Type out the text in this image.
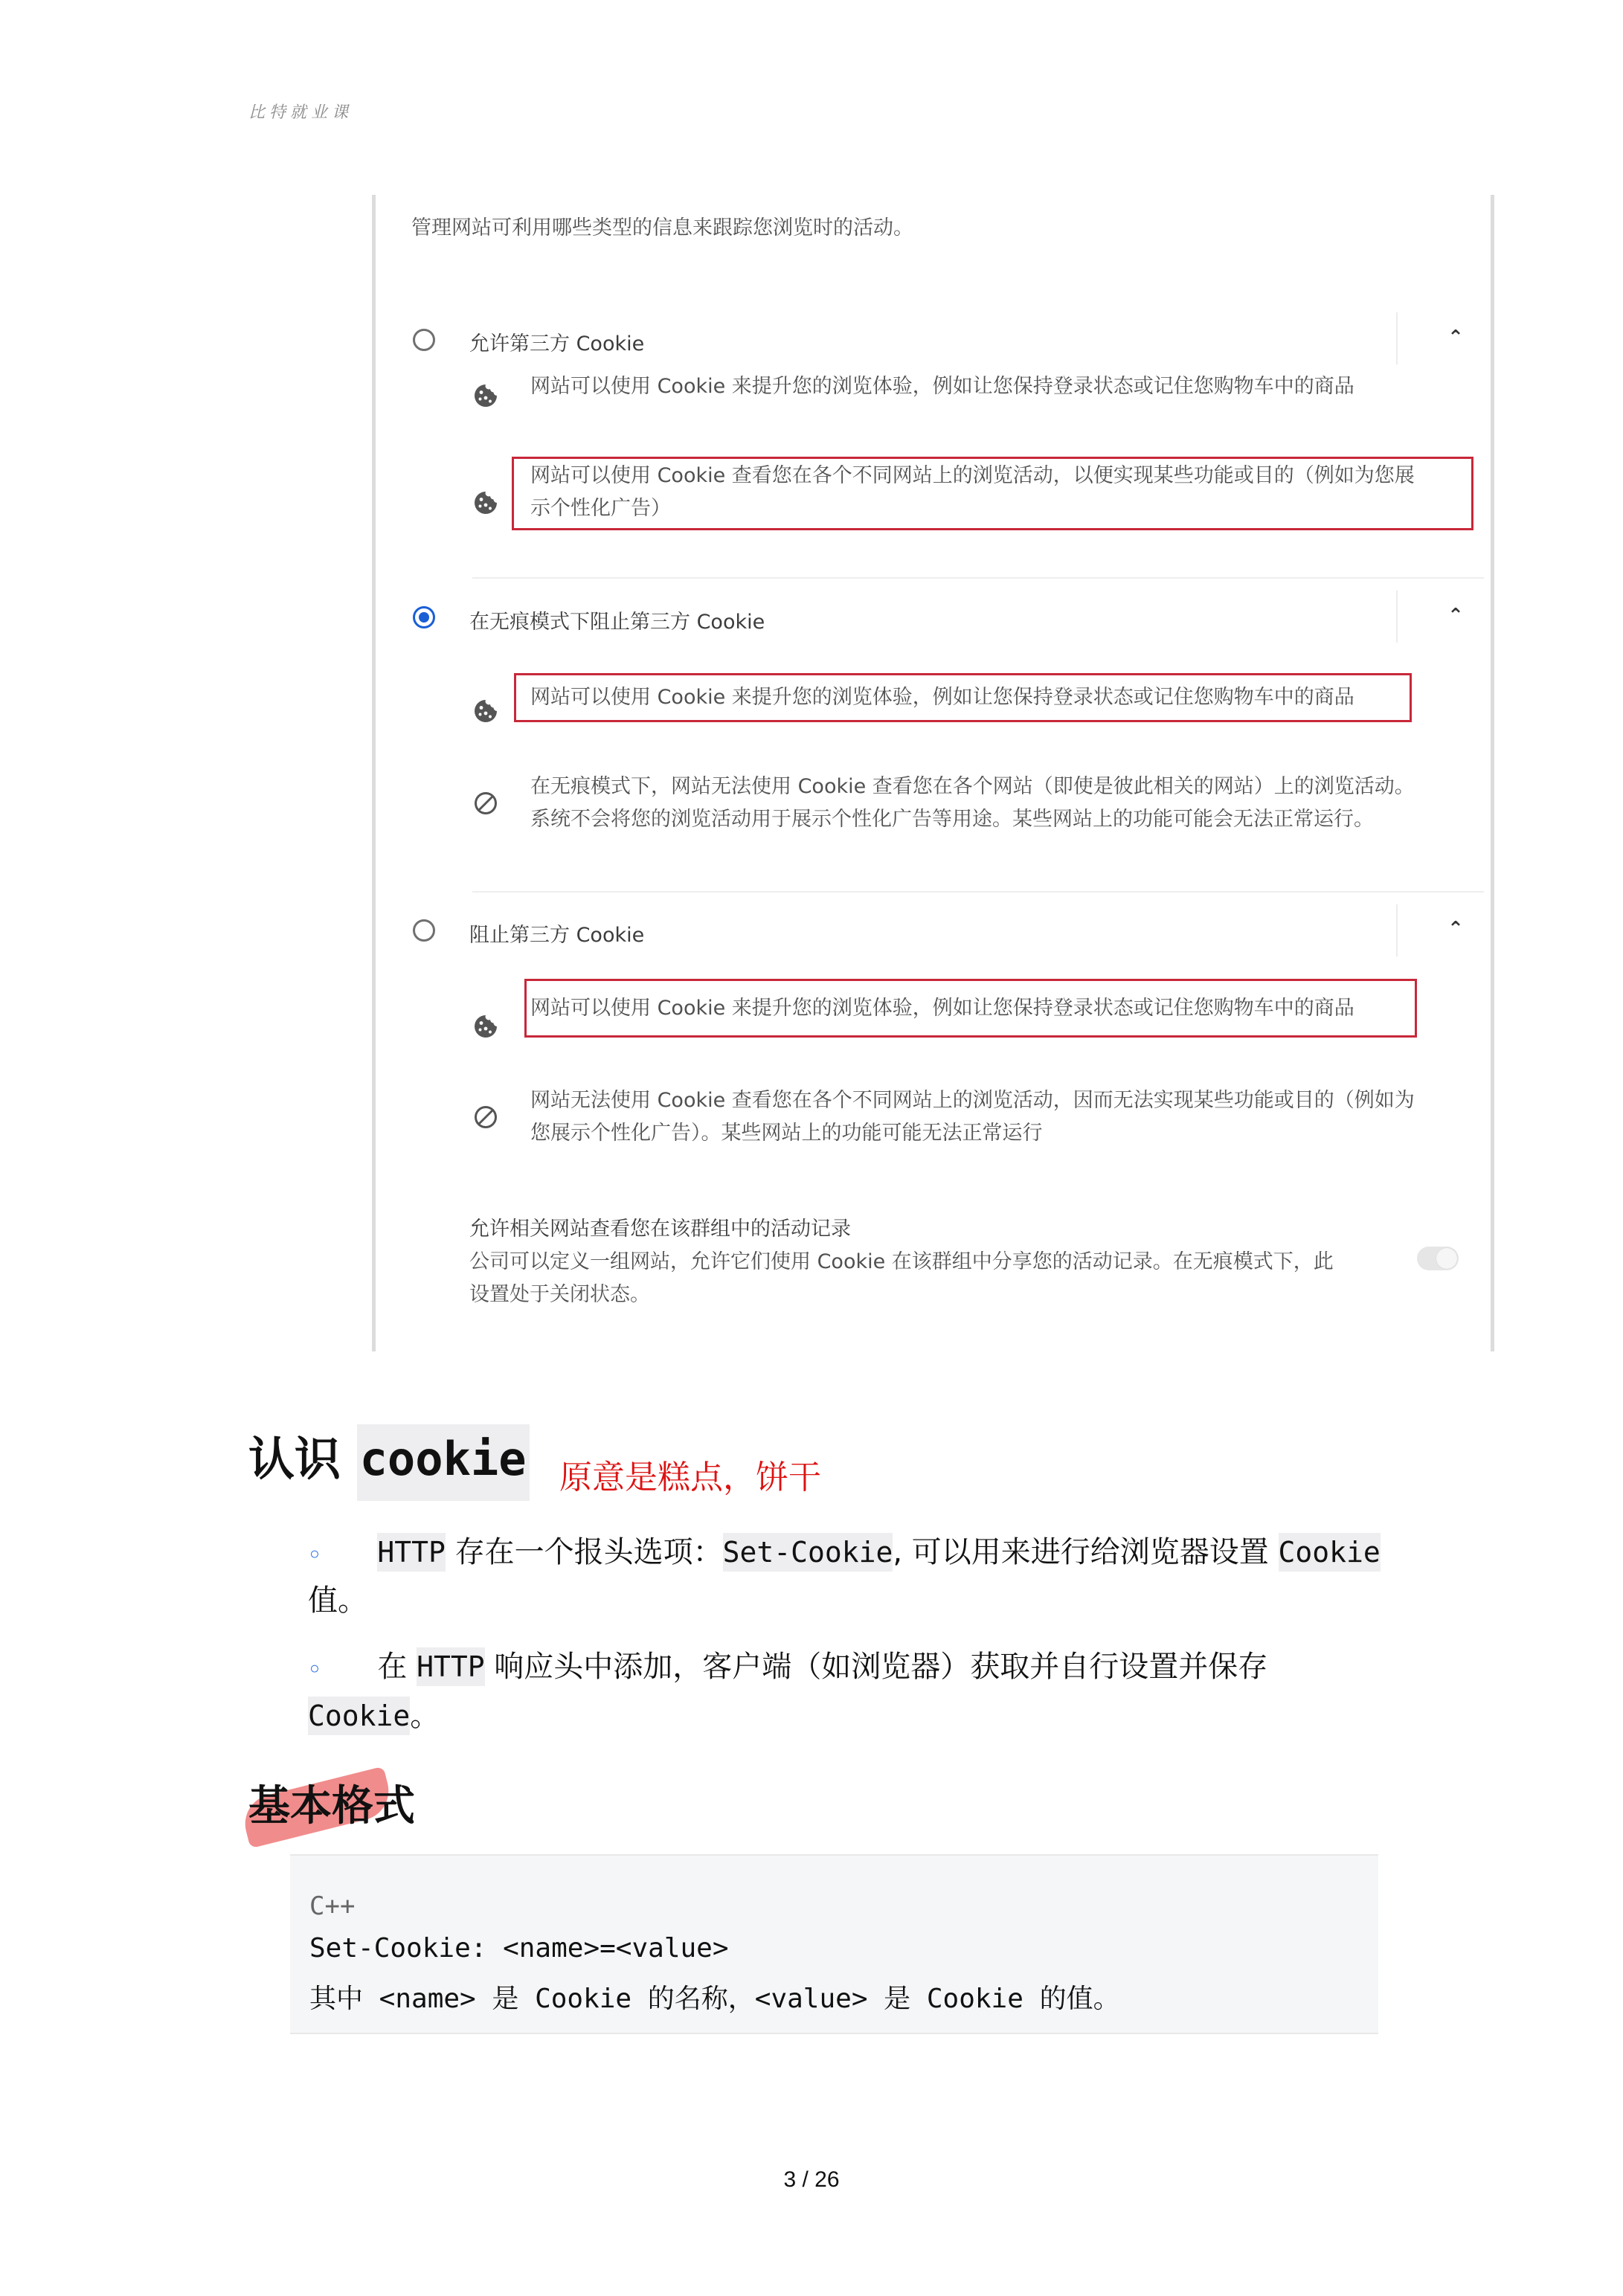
比特就业课
管理网站可利用哪些类型的信息来跟踪您浏览时的活动。
允许第三方 Cookie	⌃
网站可以使用 Cookie 来提升您的浏览体验，例如让您保持登录状态或记住您购物车中的商品
网站可以使用 Cookie 查看您在各个不同网站上的浏览活动，以便实现某些功能或目的（例如为您展
示个性化广告）
在无痕模式下阻止第三方 Cookie	⌃
网站可以使用 Cookie 来提升您的浏览体验，例如让您保持登录状态或记住您购物车中的商品
在无痕模式下，网站无法使用 Cookie 查看您在各个网站（即使是彼此相关的网站）上的浏览活动。
系统不会将您的浏览活动用于展示个性化广告等用途。某些网站上的功能可能会无法正常运行。
阻止第三方 Cookie	⌃
网站可以使用 Cookie 来提升您的浏览体验，例如让您保持登录状态或记住您购物车中的商品
网站无法使用 Cookie 查看您在各个不同网站上的浏览活动，因而无法实现某些功能或目的（例如为
您展示个性化广告）。某些网站上的功能可能无法正常运行
允许相关网站查看您在该群组中的活动记录
公司可以定义一组网站，允许它们使用 Cookie 在该群组中分享您的活动记录。在无痕模式下，此
设置处于关闭状态。
认识 cookie 原意是糕点，饼干
◦ HTTP 存在一个报头选项：Set-Cookie, 可以用来进行给浏览器设置 Cookie
值。
◦ 在 HTTP 响应头中添加，客户端（如浏览器）获取并自行设置并保存
Cookie。
基本格式
C++
Set-Cookie: <name>=<value>
其中 <name> 是 Cookie 的名称，<value> 是 Cookie 的值。
3 / 26
